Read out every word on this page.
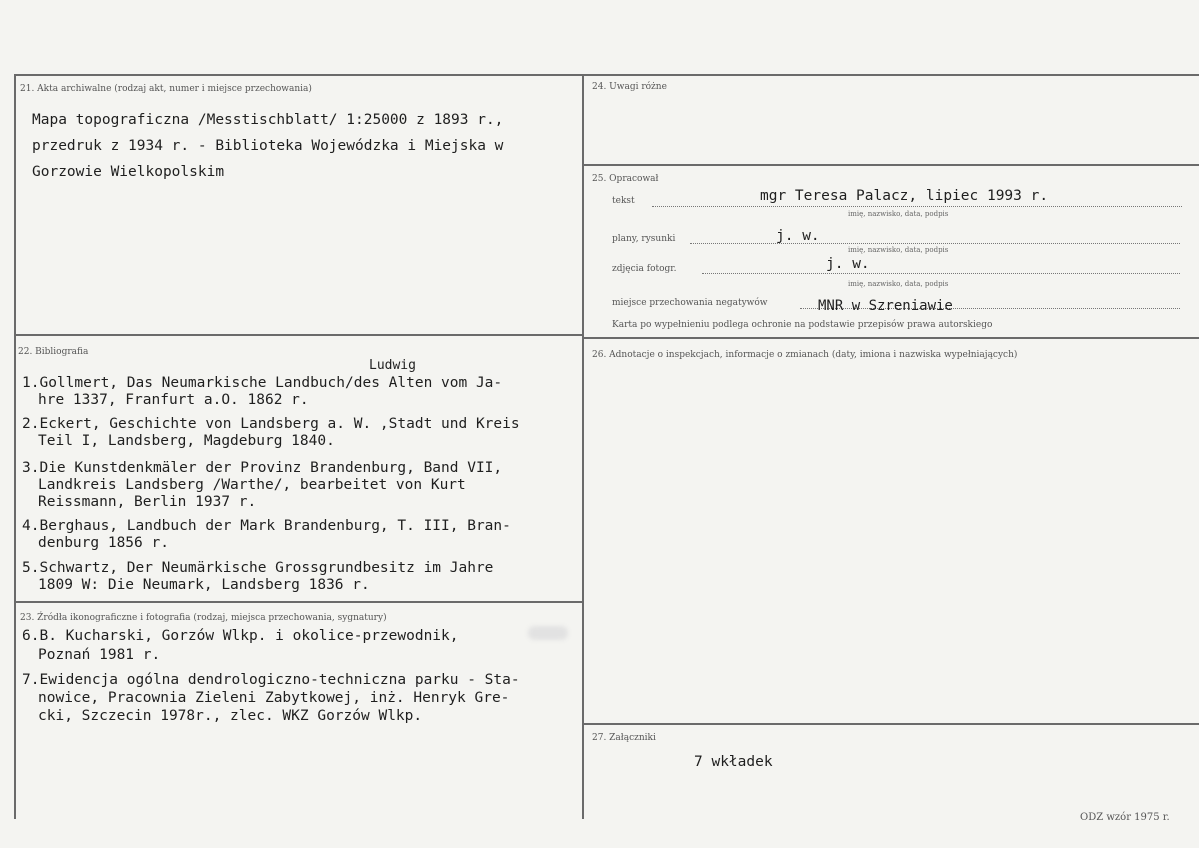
21. Akta archiwalne (rodzaj akt, numer i miejsce przechowania)
Mapa topograficzna /Messtischblatt/ 1:25000 z 1893 r.,
przedruk z 1934 r. - Biblioteka Wojewódzka i Miejska w
Gorzowie Wielkopolskim
24. Uwagi różne
25. Opracował
tekst	mgr Teresa Palacz, lipiec 1993 r.
imię, nazwisko, data, podpis
plany, rysunki	j. w.
imię, nazwisko, data, podpis
zdjęcia fotogr.	j. w.
imię, nazwisko, data, podpis
miejsce przechowania negatywów	MNR w Szreniawie
Karta po wypełnieniu podlega ochronie na podstawie przepisów prawa autorskiego
22. Bibliografia
Ludwig
1.Gollmert, Das Neumarkische Landbuch/des Alten vom Ja-
hre 1337, Franfurt a.O. 1862 r.
2.Eckert, Geschichte von Landsberg a. W. ,Stadt und Kreis
Teil I, Landsberg, Magdeburg 1840.
3.Die Kunstdenkmäler der Provinz Brandenburg, Band VII,
Landkreis Landsberg /Warthe/, bearbeitet von Kurt
Reissmann, Berlin 1937 r.
4.Berghaus, Landbuch der Mark Brandenburg, T. III, Bran-
denburg 1856 r.
5.Schwartz, Der Neumärkische Grossgrundbesitz im Jahre
1809 W: Die Neumark, Landsberg 1836 r.
26. Adnotacje o inspekcjach, informacje o zmianach (daty, imiona i nazwiska wypełniających)
23. Źródła ikonograficzne i fotografia (rodzaj, miejsca przechowania, sygnatury)
6.B. Kucharski, Gorzów Wlkp. i okolice-przewodnik,
Poznań 1981 r.
7.Ewidencja ogólna dendrologiczno-techniczna parku - Sta-
nowice, Pracownia Zieleni Zabytkowej, inż. Henryk Gre-
cki, Szczecin 1978r., zlec. WKZ Gorzów Wlkp.
27. Załączniki
7 wkładek
ODZ wzór 1975 r.
